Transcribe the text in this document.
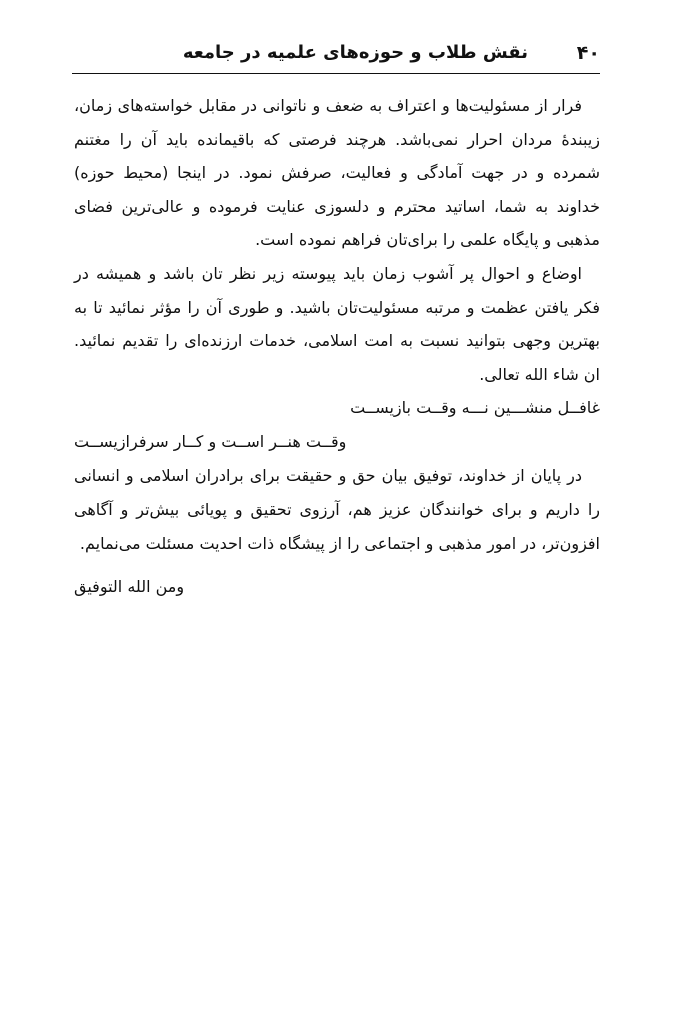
۴۰
نقش طلاب و حوزه‌های علمیه در جامعه

فرار از مسئولیت‌ها و اعتراف به ضعف و ناتوانی در مقابل خواسته‌های زمان، زیبندۀ مردان احرار نمی‌باشد. هرچند فرصتی که باقیمانده باید آن را مغتنم شمرده و در جهت آمادگی و فعالیت، صرفش نمود. در اینجا (محیط حوزه) خداوند به شما، اساتید محترم و دلسوزی عنایت فرموده و عالی‌ترین فضای مذهبی و پایگاه علمی را برای‌تان فراهم نموده است.

اوضاع و احوال پر آشوب زمان باید پیوسته زیر نظر تان باشد و همیشه در فکر یافتن عظمت و مرتبه مسئولیت‌تان باشید. و طوری آن را مؤثر نمائید تا به بهترین وجهی بتوانید نسبت به امت اسلامی، خدمات ارزنده‌ای را تقدیم نمائید. ان شاء الله تعالی.

غافــل منشـــین نـــه وقــت بازیســت
وقــت هنــر اســت و کــار سرفرازیســت

در پایان از خداوند، توفیق بیان حق و حقیقت برای برادران اسلامی و انسانی را داریم و برای خوانندگان عزیز هم، آرزوی تحقیق و پویائی بیش‌تر و آگاهی افزون‌تر، در امور مذهبی و اجتماعی را از پیشگاه ذات احدیت مسئلت می‌نمایم.

ومن الله التوفیق
